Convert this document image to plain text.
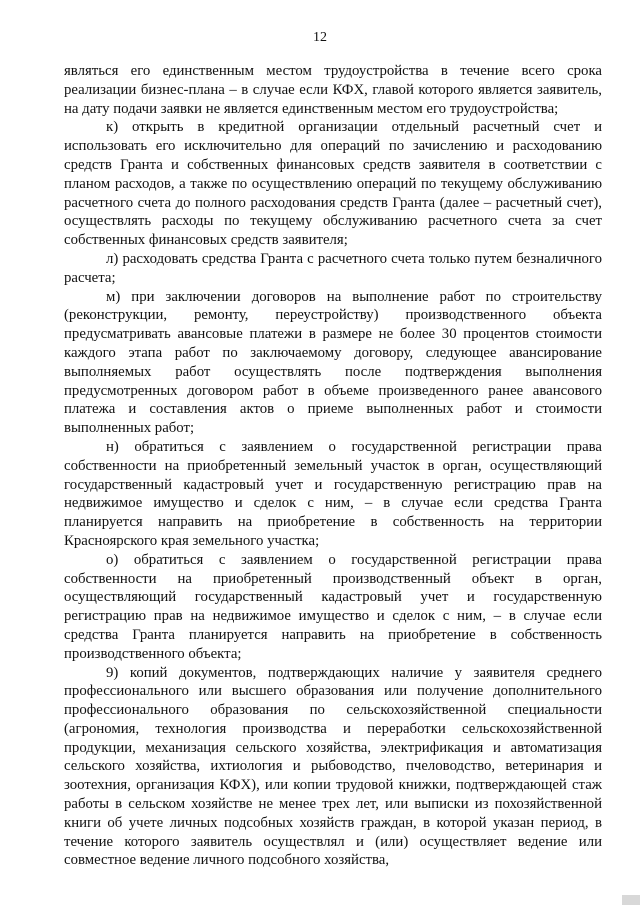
12

являться его единственным местом трудоустройства в течение всего срока реализации бизнес-плана – в случае если КФХ, главой которого является заявитель, на дату подачи заявки не является единственным местом его трудоустройства;

к) открыть в кредитной организации отдельный расчетный счет и использовать его исключительно для операций по зачислению и расходованию средств Гранта и собственных финансовых средств заявителя в соответствии с планом расходов, а также по осуществлению операций по текущему обслуживанию расчетного счета до полного расходования средств Гранта (далее – расчетный счет), осуществлять расходы по текущему обслуживанию расчетного счета за счет собственных финансовых средств заявителя;

л) расходовать средства Гранта с расчетного счета только путем безналичного расчета;

м) при заключении договоров на выполнение работ по строительству (реконструкции, ремонту, переустройству) производственного объекта предусматривать авансовые платежи в размере не более 30 процентов стоимости каждого этапа работ по заключаемому договору, следующее авансирование выполняемых работ осуществлять после подтверждения выполнения предусмотренных договором работ в объеме произведенного ранее авансового платежа и составления актов о приеме выполненных работ и стоимости выполненных работ;

н) обратиться с заявлением о государственной регистрации права собственности на приобретенный земельный участок в орган, осуществляющий государственный кадастровый учет и государственную регистрацию прав на недвижимое имущество и сделок с ним, – в случае если средства Гранта планируется направить на приобретение в собственность на территории Красноярского края земельного участка;

о) обратиться с заявлением о государственной регистрации права собственности на приобретенный производственный объект в орган, осуществляющий государственный кадастровый учет и государственную регистрацию прав на недвижимое имущество и сделок с ним, – в случае если средства Гранта планируется направить на приобретение в собственность производственного объекта;

9) копий документов, подтверждающих наличие у заявителя среднего профессионального или высшего образования или получение дополнительного профессионального образования по сельскохозяйственной специальности (агрономия, технология производства и переработки сельскохозяйственной продукции, механизация сельского хозяйства, электрификация и автоматизация сельского хозяйства, ихтиология и рыбоводство, пчеловодство, ветеринария и зоотехния, организация КФХ), или копии трудовой книжки, подтверждающей стаж работы в сельском хозяйстве не менее трех лет, или выписки из похозяйственной книги об учете личных подсобных хозяйств граждан, в которой указан период, в течение которого заявитель осуществлял и (или) осуществляет ведение или совместное ведение личного подсобного хозяйства,
